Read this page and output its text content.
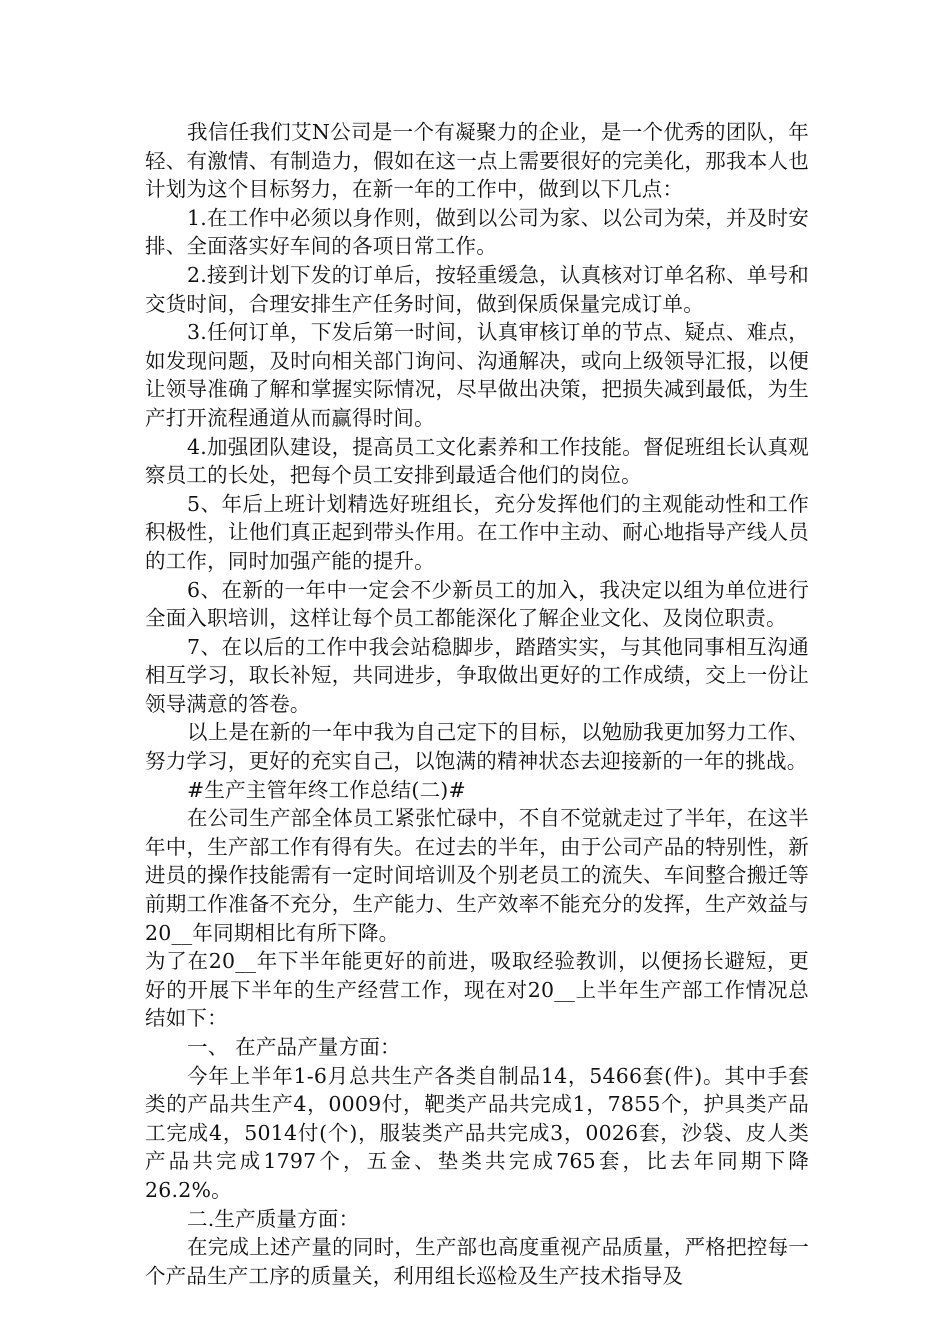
我信任我们艾N公司是一个有凝聚力的企业，是一个优秀的团队，年轻、有激情、有制造力，假如在这一点上需要很好的完美化，那我本人也计划为这个目标努力，在新一年的工作中，做到以下几点：

1.在工作中必须以身作则，做到以公司为家、以公司为荣，并及时安排、全面落实好车间的各项日常工作。

2.接到计划下发的订单后，按轻重缓急，认真核对订单名称、单号和交货时间，合理安排生产任务时间，做到保质保量完成订单。

3.任何订单，下发后第一时间，认真审核订单的节点、疑点、难点，如发现问题，及时向相关部门询问、沟通解决，或向上级领导汇报，以便让领导准确了解和掌握实际情况，尽早做出决策，把损失减到最低，为生产打开流程通道从而赢得时间。

4.加强团队建设，提高员工文化素养和工作技能。督促班组长认真观察员工的长处，把每个员工安排到最适合他们的岗位。

5、年后上班计划精选好班组长，充分发挥他们的主观能动性和工作积极性，让他们真正起到带头作用。在工作中主动、耐心地指导产线人员的工作，同时加强产能的提升。

6、在新的一年中一定会不少新员工的加入，我决定以组为单位进行全面入职培训，这样让每个员工都能深化了解企业文化、及岗位职责。

7、在以后的工作中我会站稳脚步，踏踏实实，与其他同事相互沟通相互学习，取长补短，共同进步，争取做出更好的工作成绩，交上一份让领导满意的答卷。

以上是在新的一年中我为自己定下的目标，以勉励我更加努力工作、努力学习，更好的充实自己，以饱满的精神状态去迎接新的一年的挑战。

#生产主管年终工作总结(二)#

在公司生产部全体员工紧张忙碌中，不自不觉就走过了半年，在这半年中，生产部工作有得有失。在过去的半年，由于公司产品的特别性，新进员的操作技能需有一定时间培训及个别老员工的流失、车间整合搬迁等前期工作准备不充分，生产能力、生产效率不能充分的发挥，生产效益与20__年同期相比有所下降。

为了在20__年下半年能更好的前进，吸取经验教训，以便扬长避短，更好的开展下半年的生产经营工作，现在对20__上半年生产部工作情况总结如下：

一、 在产品产量方面：

今年上半年1-6月总共生产各类自制品14，5466套(件)。其中手套类的产品共生产4，0009付，靶类产品共完成1，7855个，护具类产品工完成4，5014付(个)，服装类产品共完成3，0026套，沙袋、皮人类产品共完成1797个，五金、垫类共完成765套，比去年同期下降26.2%。

二.生产质量方面：

在完成上述产量的同时，生产部也高度重视产品质量，严格把控每一个产品生产工序的质量关，利用组长巡检及生产技术指导及
